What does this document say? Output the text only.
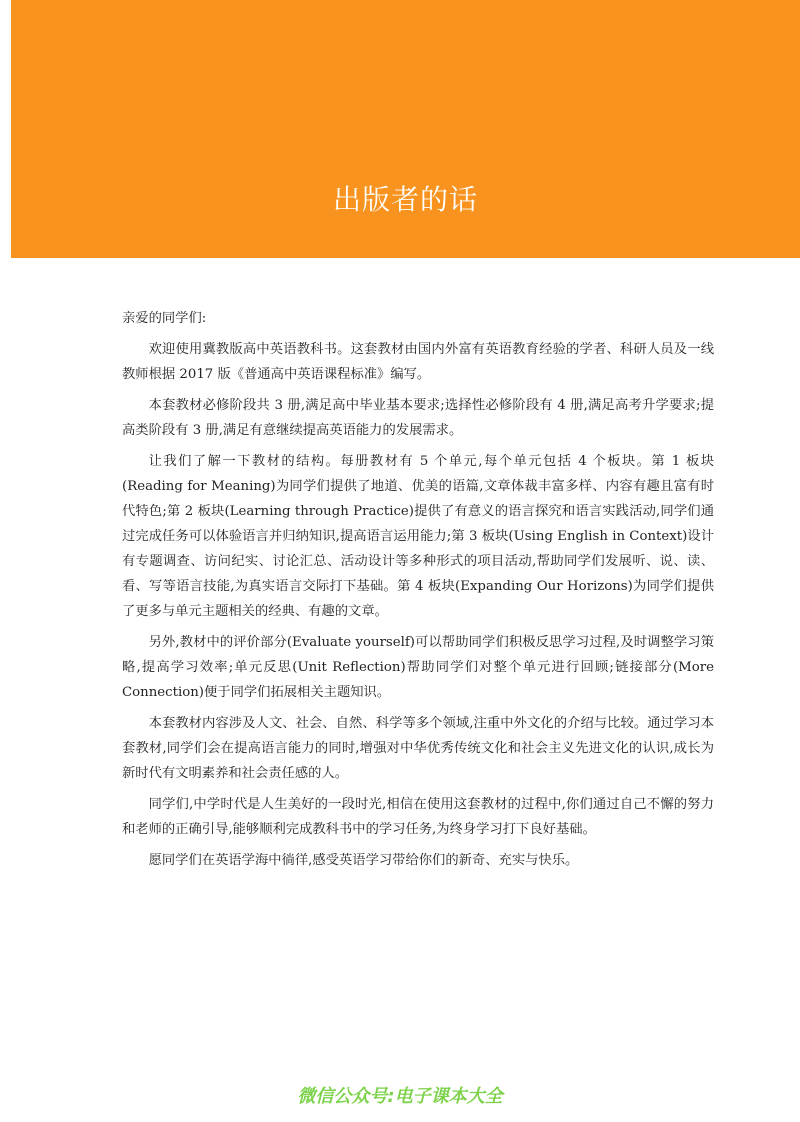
出版者的话

亲爱的同学们:

欢迎使用冀教版高中英语教科书。这套教材由国内外富有英语教育经验的学者、科研人员及一线教师根据 2017 版《普通高中英语课程标准》编写。

本套教材必修阶段共 3 册,满足高中毕业基本要求;选择性必修阶段有 4 册,满足高考升学要求;提高类阶段有 3 册,满足有意继续提高英语能力的发展需求。

让我们了解一下教材的结构。每册教材有 5 个单元,每个单元包括 4 个板块。第 1 板块(Reading for Meaning)为同学们提供了地道、优美的语篇,文章体裁丰富多样、内容有趣且富有时代特色;第 2 板块(Learning through Practice)提供了有意义的语言探究和语言实践活动,同学们通过完成任务可以体验语言并归纳知识,提高语言运用能力;第 3 板块(Using English in Context)设计有专题调查、访问纪实、讨论汇总、活动设计等多种形式的项目活动,帮助同学们发展听、说、读、看、写等语言技能,为真实语言交际打下基础。第 4 板块(Expanding Our Horizons)为同学们提供了更多与单元主题相关的经典、有趣的文章。

另外,教材中的评价部分(Evaluate yourself)可以帮助同学们积极反思学习过程,及时调整学习策略,提高学习效率;单元反思(Unit Reflection)帮助同学们对整个单元进行回顾;链接部分(More Connection)便于同学们拓展相关主题知识。

本套教材内容涉及人文、社会、自然、科学等多个领域,注重中外文化的介绍与比较。通过学习本套教材,同学们会在提高语言能力的同时,增强对中华优秀传统文化和社会主义先进文化的认识,成长为新时代有文明素养和社会责任感的人。

同学们,中学时代是人生美好的一段时光,相信在使用这套教材的过程中,你们通过自己不懈的努力和老师的正确引导,能够顺利完成教科书中的学习任务,为终身学习打下良好基础。

愿同学们在英语学海中徜徉,感受英语学习带给你们的新奇、充实与快乐。

微信公众号:电子课本大全
